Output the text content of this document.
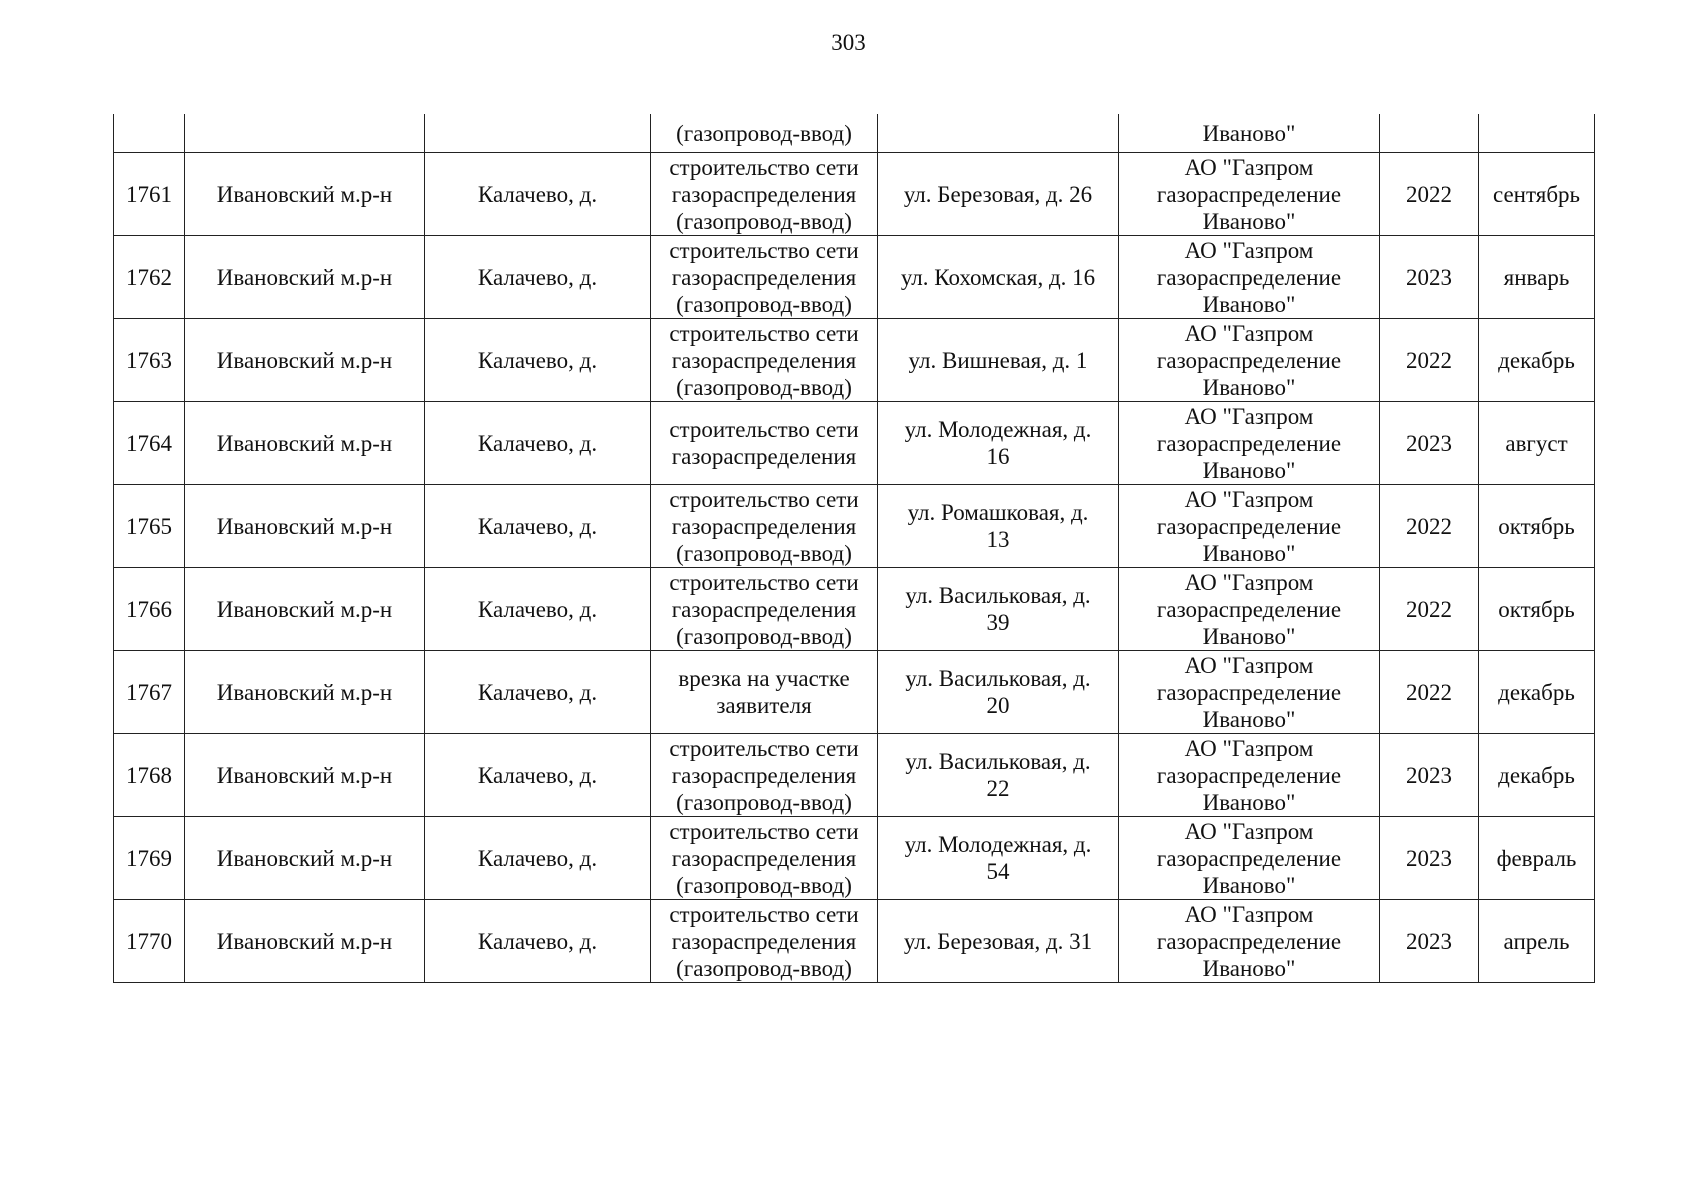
303
			(газопровод-ввод)		Иваново"		
1761	Ивановский м.р-н	Калачево, д.	строительство сети
газораспределения
(газопровод-ввод)	ул. Березовая, д. 26	АО "Газпром
газораспределение
Иваново"	2022	сентябрь
1762	Ивановский м.р-н	Калачево, д.	строительство сети
газораспределения
(газопровод-ввод)	ул. Кохомская, д. 16	АО "Газпром
газораспределение
Иваново"	2023	январь
1763	Ивановский м.р-н	Калачево, д.	строительство сети
газораспределения
(газопровод-ввод)	ул. Вишневая, д. 1	АО "Газпром
газораспределение
Иваново"	2022	декабрь
1764	Ивановский м.р-н	Калачево, д.	строительство сети
газораспределения	ул. Молодежная, д.
16	АО "Газпром
газораспределение
Иваново"	2023	август
1765	Ивановский м.р-н	Калачево, д.	строительство сети
газораспределения
(газопровод-ввод)	ул. Ромашковая, д.
13	АО "Газпром
газораспределение
Иваново"	2022	октябрь
1766	Ивановский м.р-н	Калачево, д.	строительство сети
газораспределения
(газопровод-ввод)	ул. Васильковая, д.
39	АО "Газпром
газораспределение
Иваново"	2022	октябрь
1767	Ивановский м.р-н	Калачево, д.	врезка на участке
заявителя	ул. Васильковая, д.
20	АО "Газпром
газораспределение
Иваново"	2022	декабрь
1768	Ивановский м.р-н	Калачево, д.	строительство сети
газораспределения
(газопровод-ввод)	ул. Васильковая, д.
22	АО "Газпром
газораспределение
Иваново"	2023	декабрь
1769	Ивановский м.р-н	Калачево, д.	строительство сети
газораспределения
(газопровод-ввод)	ул. Молодежная, д.
54	АО "Газпром
газораспределение
Иваново"	2023	февраль
1770	Ивановский м.р-н	Калачево, д.	строительство сети
газораспределения
(газопровод-ввод)	ул. Березовая, д. 31	АО "Газпром
газораспределение
Иваново"	2023	апрель
